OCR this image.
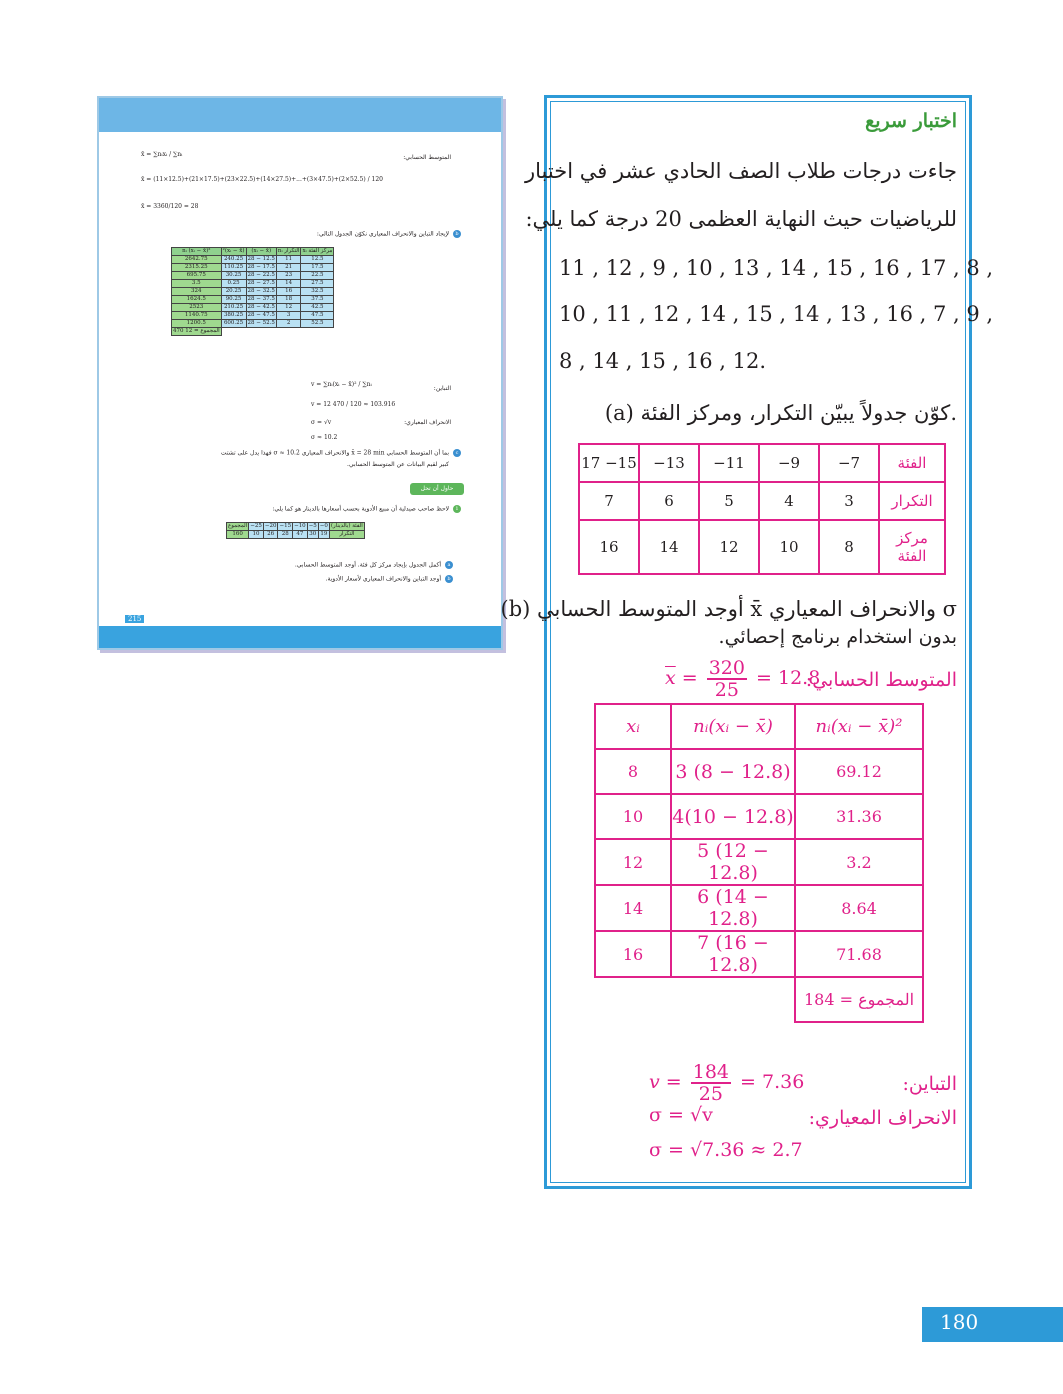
المتوسط الحسابي:
x̄ = ∑nᵢxᵢ / ∑nᵢ
x̄ = (11×12.5)+(21×17.5)+(23×22.5)+(14×27.5)+...+(3×47.5)+(2×52.5) / 120
x̄ = 3360/120 = 28
b لإيجاد التباين والانحراف المعياري نكوّن الجدول التالي:
مركز الفئة xᵢ	التكرار nᵢ	(xᵢ − x̄)	(xᵢ − x̄)²	nᵢ (xᵢ − x̄)²
12.5	11	12.5 − 28	240.25	2642.75
17.5	21	17.5 − 28	110.25	2315.25
22.5	23	22.5 − 28	30.25	695.75
27.5	14	27.5 − 28	0.25	3.5
32.5	16	32.5 − 28	20.25	324
37.5	18	37.5 − 28	90.25	1624.5
42.5	12	42.5 − 28	210.25	2523
47.5	3	47.5 − 28	380.25	1140.75
52.5	2	52.5 − 28	600.25	1200.5
				المجموع = 12 470
التباين:
v = ∑nᵢ(xᵢ − x̄)² / ∑nᵢ
v = 12 470 / 120 ≈ 103.916
الانحراف المعياري:
σ = √v
σ ≈ 10.2
c بما أن المتوسط الحسابي x̄ = 28 min والانحراف المعياري σ ≈ 10.2 فهذا يدل على تشتت
كبير لقيم البيانات عن المتوسط الحسابي.
حاول أن تحل
1 لاحظ صاحب صيدلية أن مبيع الأدوية بحسب أسعارها بالدينار هو كما يلي:
الفئة (بالدينار)	0−	5−	10−	15−	20−	25−	المجموع
التكرار	19	30	47	28	26	10	160
a أكمل الجدول بإيجاد مركز كل فئة. أوجد المتوسط الحسابي.
b أوجد التباين والانحراف المعياري لأسعار الأدوية.
215
اختبار سريع
جاءت درجات طلاب الصف الحادي عشر في اختبار
للرياضيات حيث النهاية العظمى 20 درجة كما يلي:
11 , 12 , 9 , 10 , 13 , 14 , 15 , 16 , 17 , 8 ,
10 , 11 , 12 , 14 , 15 , 14 , 13 , 16 , 7 , 9 ,
8 , 14 , 15 , 16 , 12.
(a) كوّن جدولاً يبيّن التكرار، ومركز الفئة.
الفئة	7−	9−	11−	13−	15− 17
التكرار	3	4	5	6	7
مركز الفئة	8	10	12	14	16
(b) أوجد المتوسط الحسابي x̄ والانحراف المعياري σ
بدون استخدام برنامج إحصائي.
المتوسط الحسابي:
$\overline{x} = \frac{320}{25} = 12.8$
xᵢ	nᵢ(xᵢ − x̄)	nᵢ(xᵢ − x̄)²
8	3 (8 − 12.8)	69.12
10	4(10 − 12.8)	31.36
12	5 (12 − 12.8)	3.2
14	6 (14 − 12.8)	8.64
16	7 (16 − 12.8)	71.68
		المجموع = 184
التباين:
$v = \frac{184}{25} = 7.36$
الانحراف المعياري:
σ = √v
σ = √7.36 ≈ 2.7
180
